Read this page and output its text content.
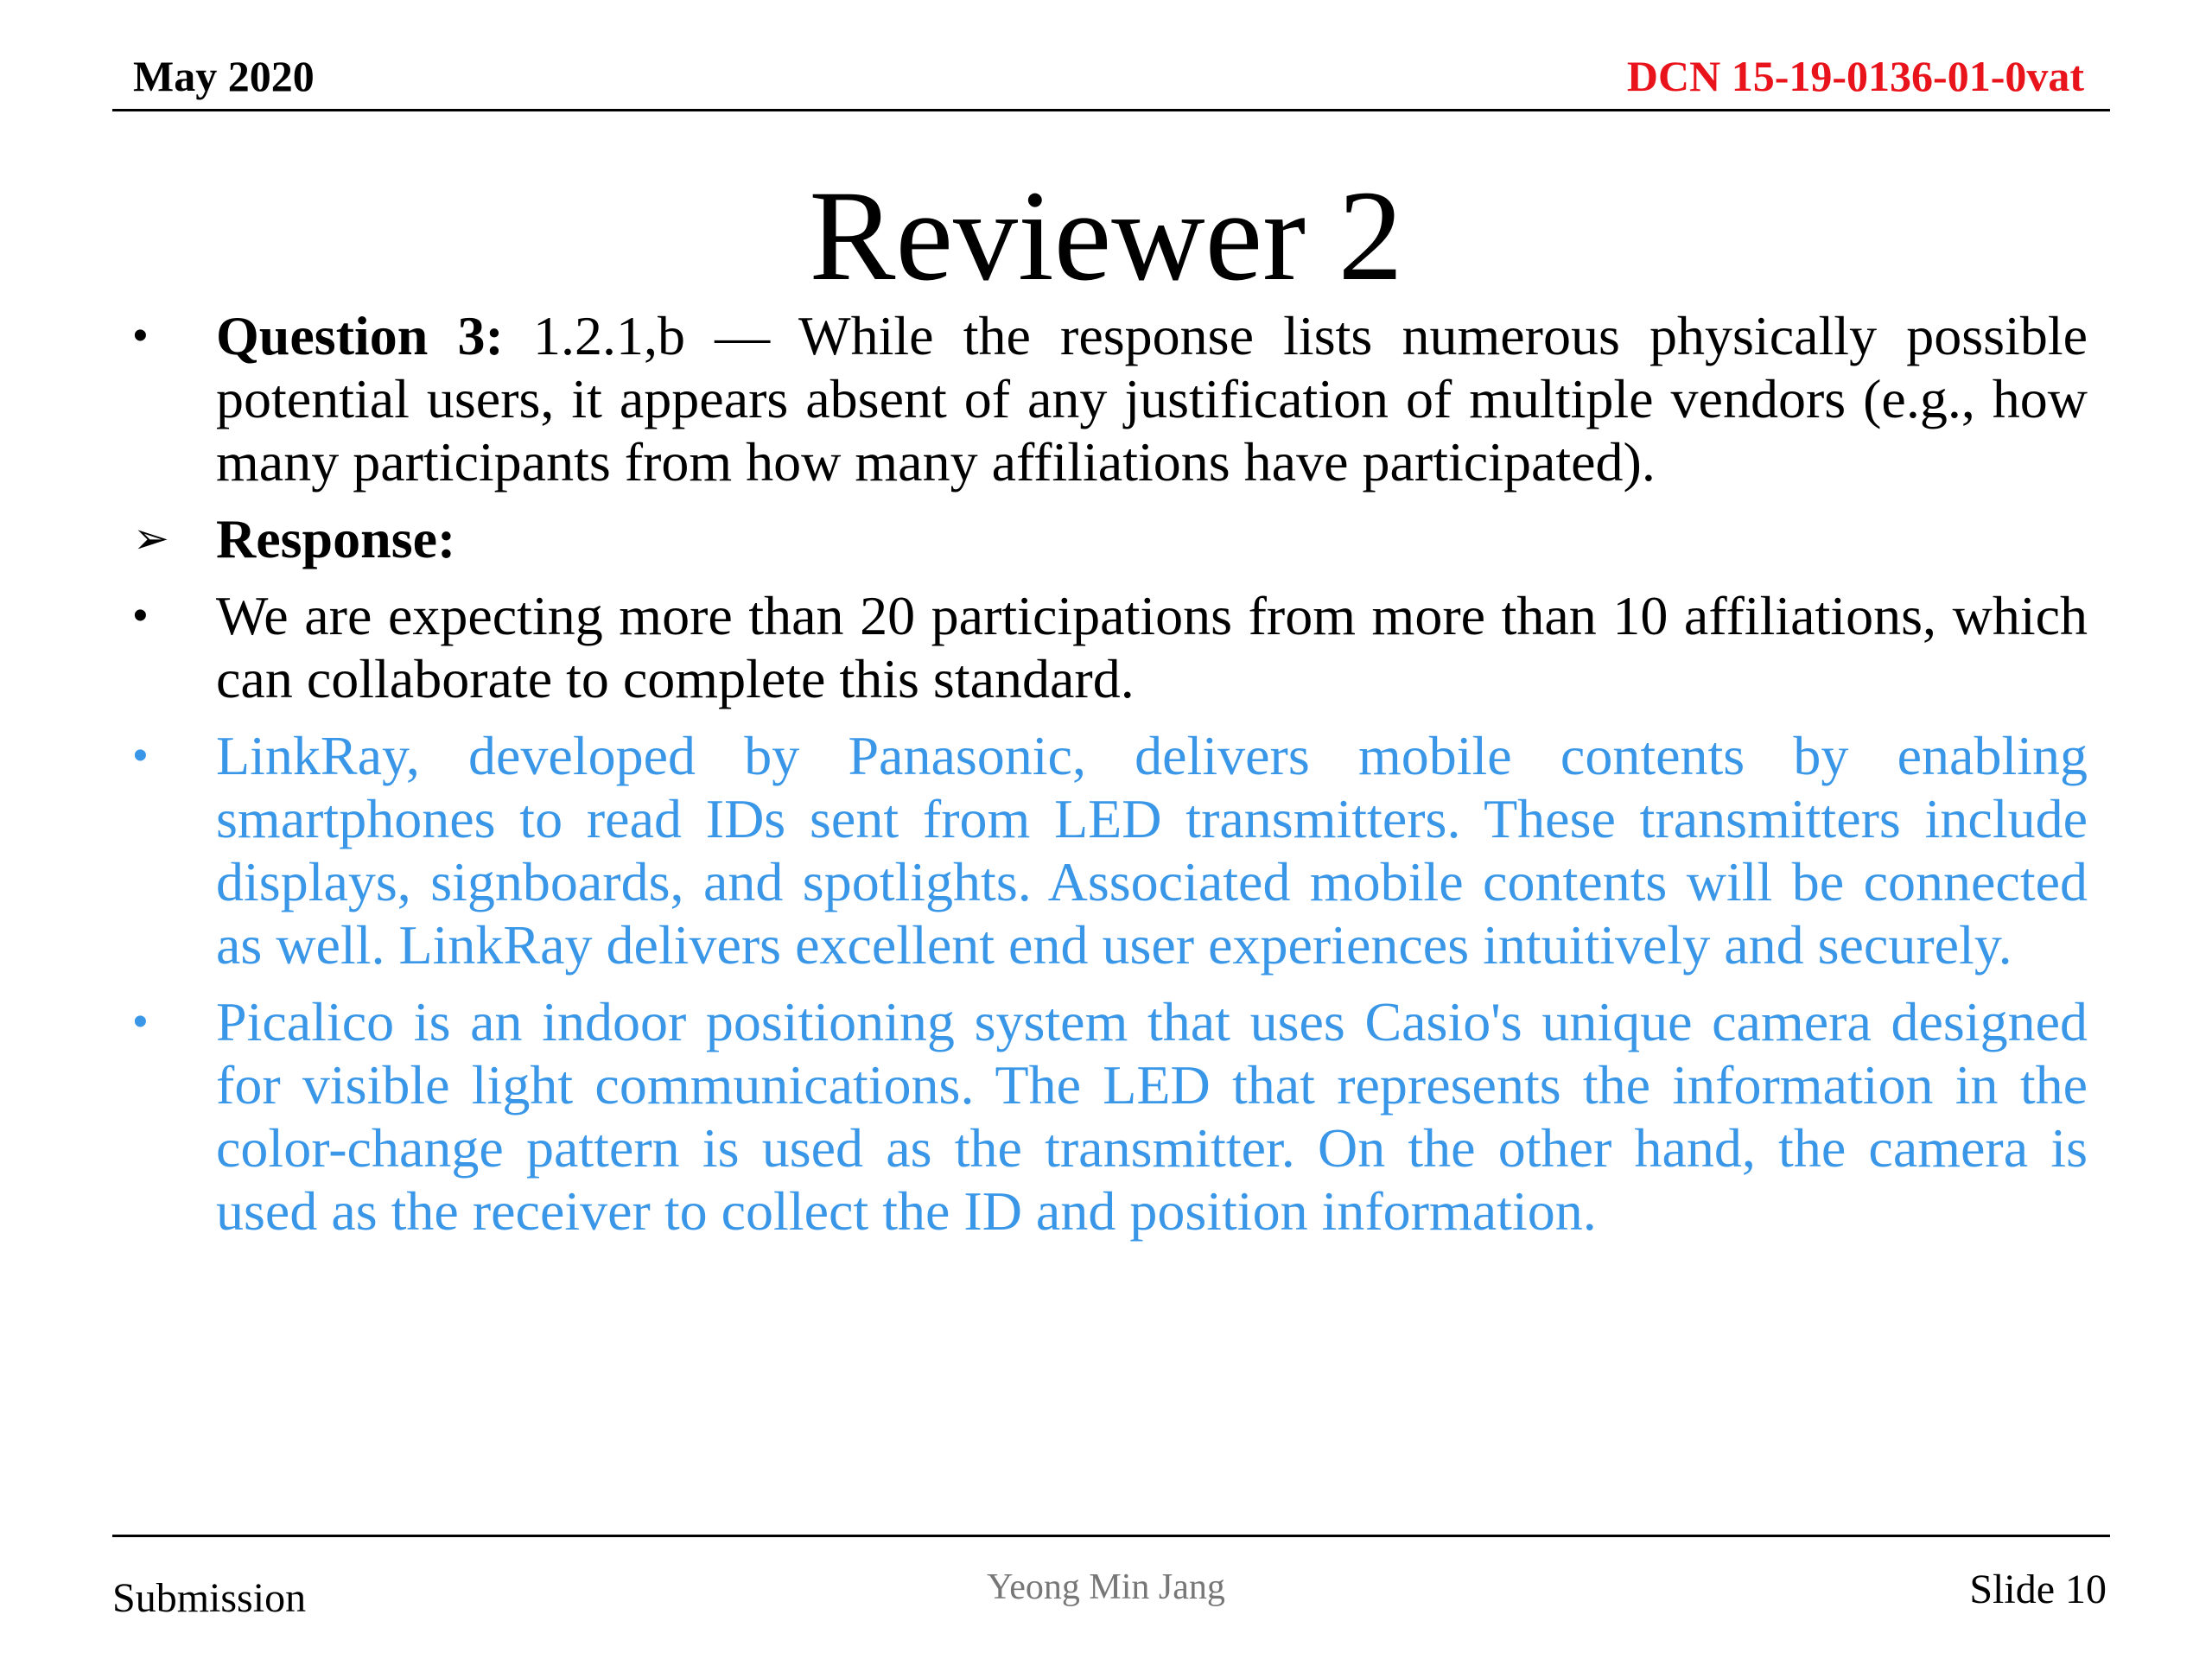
May 2020	DCN 15-19-0136-01-0vat
Reviewer 2
•	Question 3: 1.2.1,b — While the response lists numerous physically possible potential users, it appears absent of any justification of multiple vendors (e.g., how many participants from how many affiliations have participated).
➢ Response:
•	We are expecting more than 20 participations from more than 10 affiliations, which can collaborate to complete this standard.
•	LinkRay, developed by Panasonic, delivers mobile contents by enabling smartphones to read IDs sent from LED transmitters. These transmitters include displays, signboards, and spotlights. Associated mobile contents will be connected as well. LinkRay delivers excellent end user experiences intuitively and securely.
•	Picalico is an indoor positioning system that uses Casio's unique camera designed for visible light communications. The LED that represents the information in the color-change pattern is used as the transmitter. On the other hand, the camera is used as the receiver to collect the ID and position information.
Submission	Yeong Min Jang	Slide 10
